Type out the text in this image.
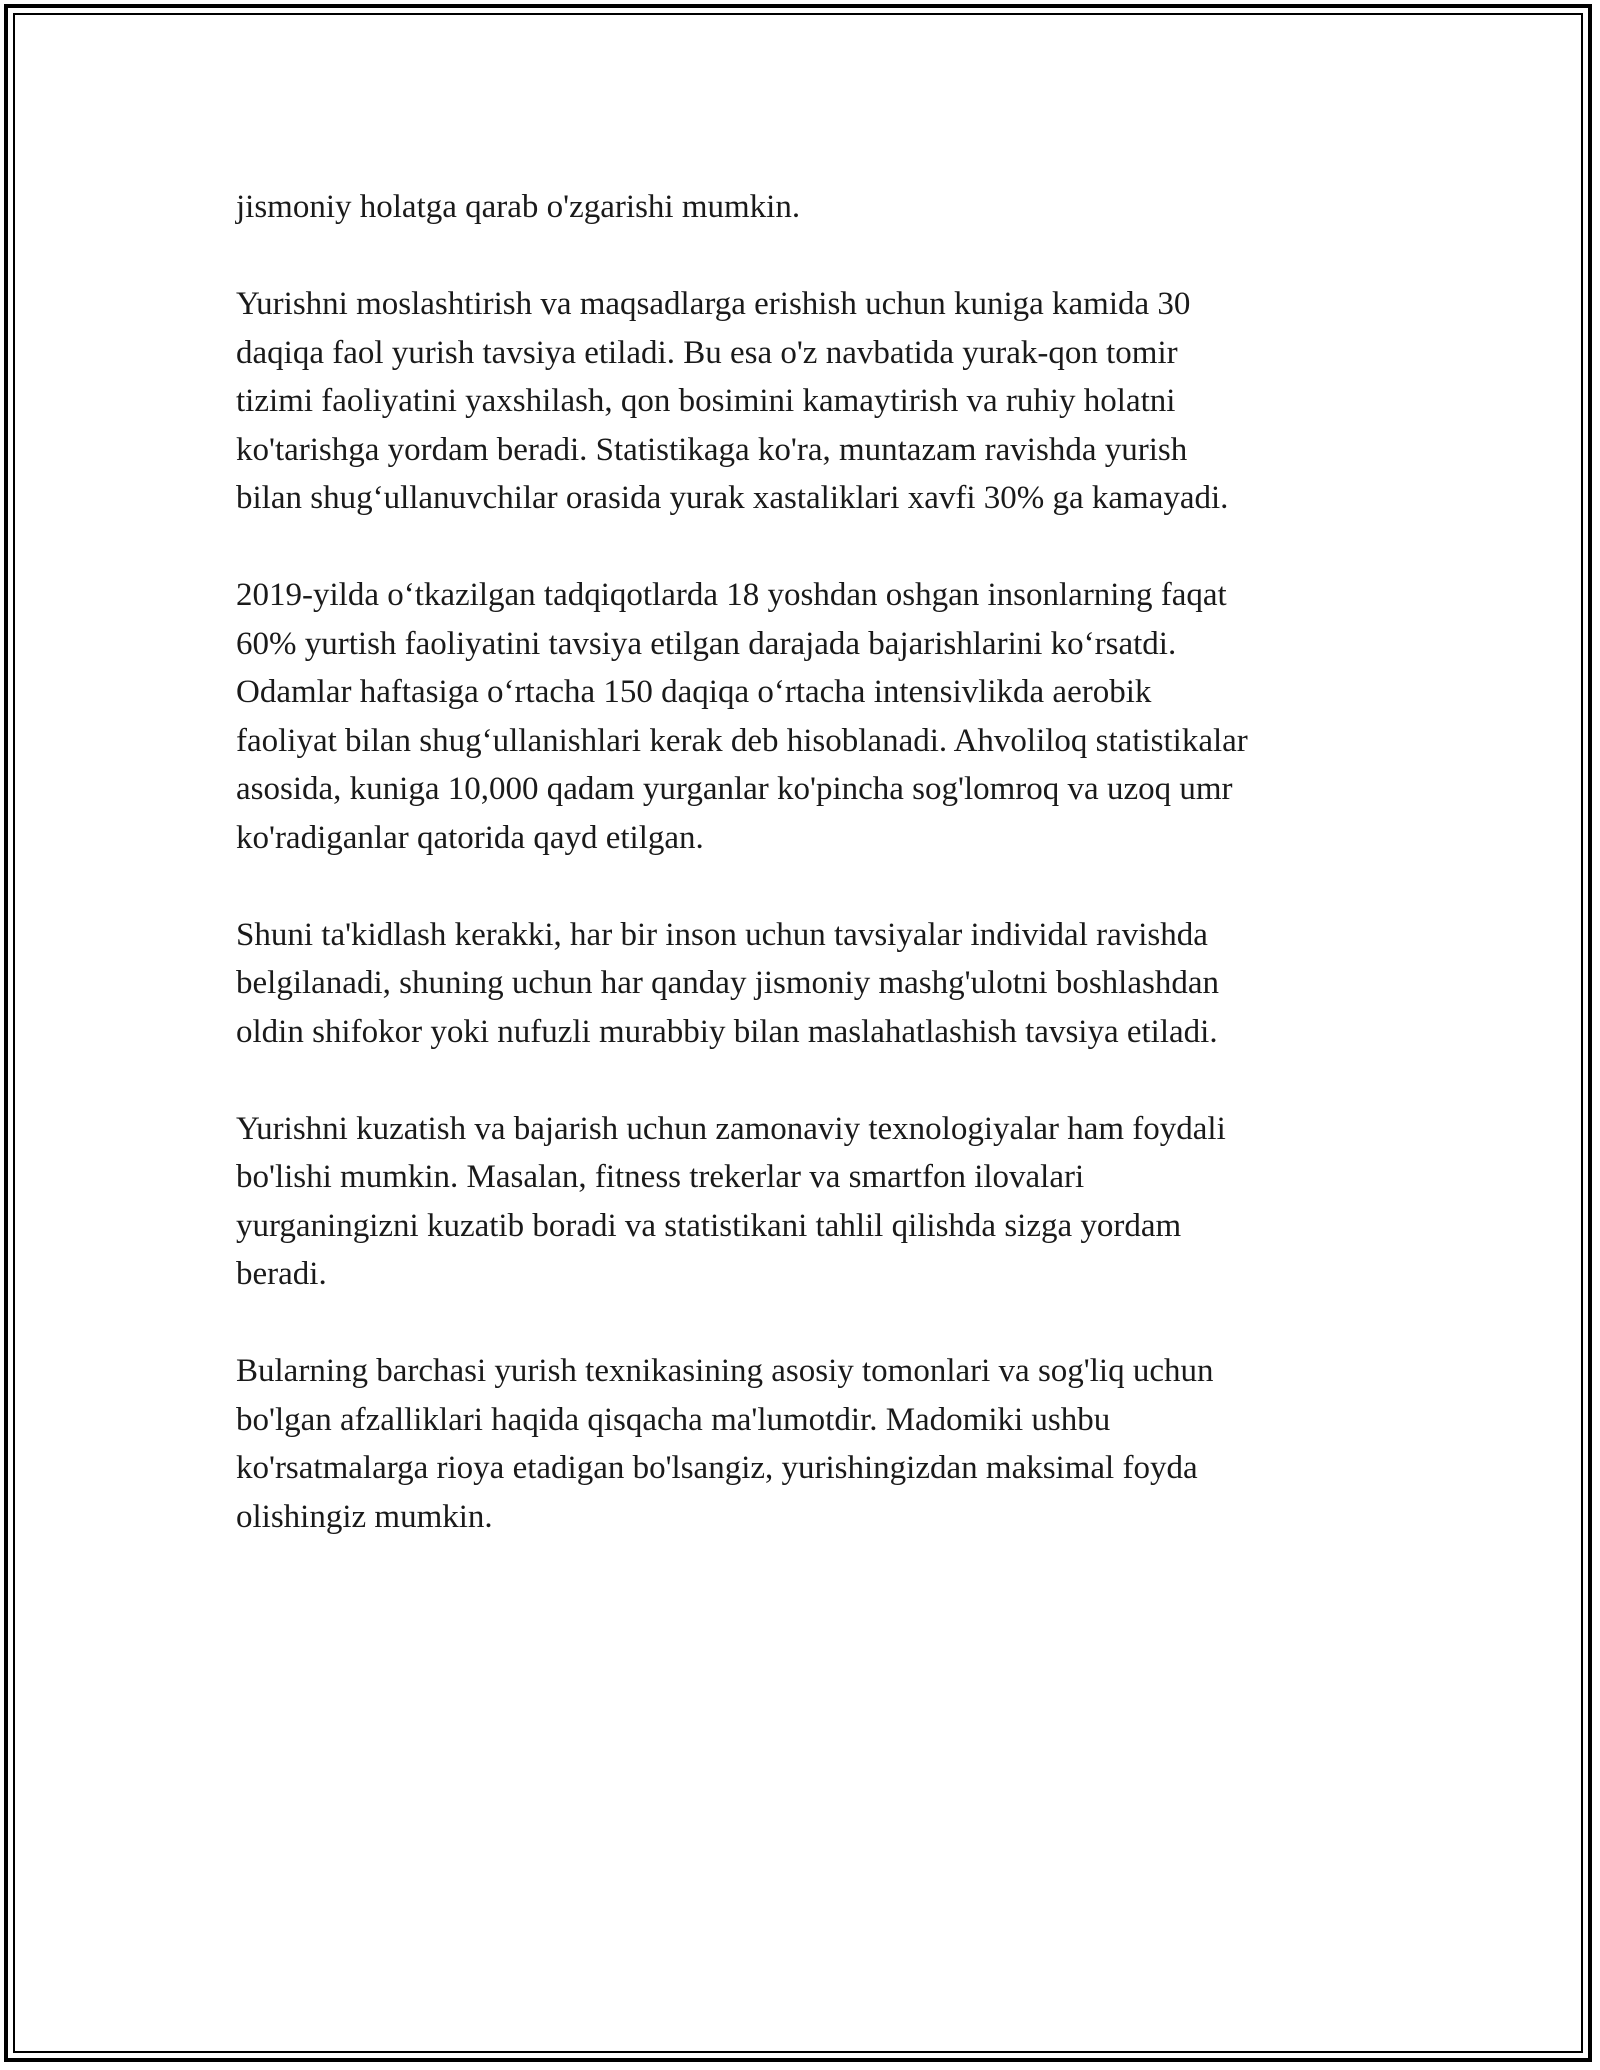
jismoniy holatga qarab o'zgarishi mumkin.

Yurishni moslashtirish va maqsadlarga erishish uchun kuniga kamida 30
daqiqa faol yurish tavsiya etiladi. Bu esa o'z navbatida yurak-qon tomir
tizimi faoliyatini yaxshilash, qon bosimini kamaytirish va ruhiy holatni
ko'tarishga yordam beradi. Statistikaga ko'ra, muntazam ravishda yurish
bilan shug‘ullanuvchilar orasida yurak xastaliklari xavfi 30% ga kamayadi.

2019-yilda o‘tkazilgan tadqiqotlarda 18 yoshdan oshgan insonlarning faqat
60% yurtish faoliyatini tavsiya etilgan darajada bajarishlarini ko‘rsatdi.
Odamlar haftasiga o‘rtacha 150 daqiqa o‘rtacha intensivlikda aerobik
faoliyat bilan shug‘ullanishlari kerak deb hisoblanadi. Ahvoliloq statistikalar
asosida, kuniga 10,000 qadam yurganlar ko'pincha sog'lomroq va uzoq umr
ko'radiganlar qatorida qayd etilgan.

Shuni ta'kidlash kerakki, har bir inson uchun tavsiyalar individal ravishda
belgilanadi, shuning uchun har qanday jismoniy mashg'ulotni boshlashdan
oldin shifokor yoki nufuzli murabbiy bilan maslahatlashish tavsiya etiladi.

Yurishni kuzatish va bajarish uchun zamonaviy texnologiyalar ham foydali
bo'lishi mumkin. Masalan, fitness trekerlar va smartfon ilovalari
yurganingizni kuzatib boradi va statistikani tahlil qilishda sizga yordam
beradi.

Bularning barchasi yurish texnikasining asosiy tomonlari va sog'liq uchun
bo'lgan afzalliklari haqida qisqacha ma'lumotdir. Madomiki ushbu
ko'rsatmalarga rioya etadigan bo'lsangiz, yurishingizdan maksimal foyda
olishingiz mumkin.
